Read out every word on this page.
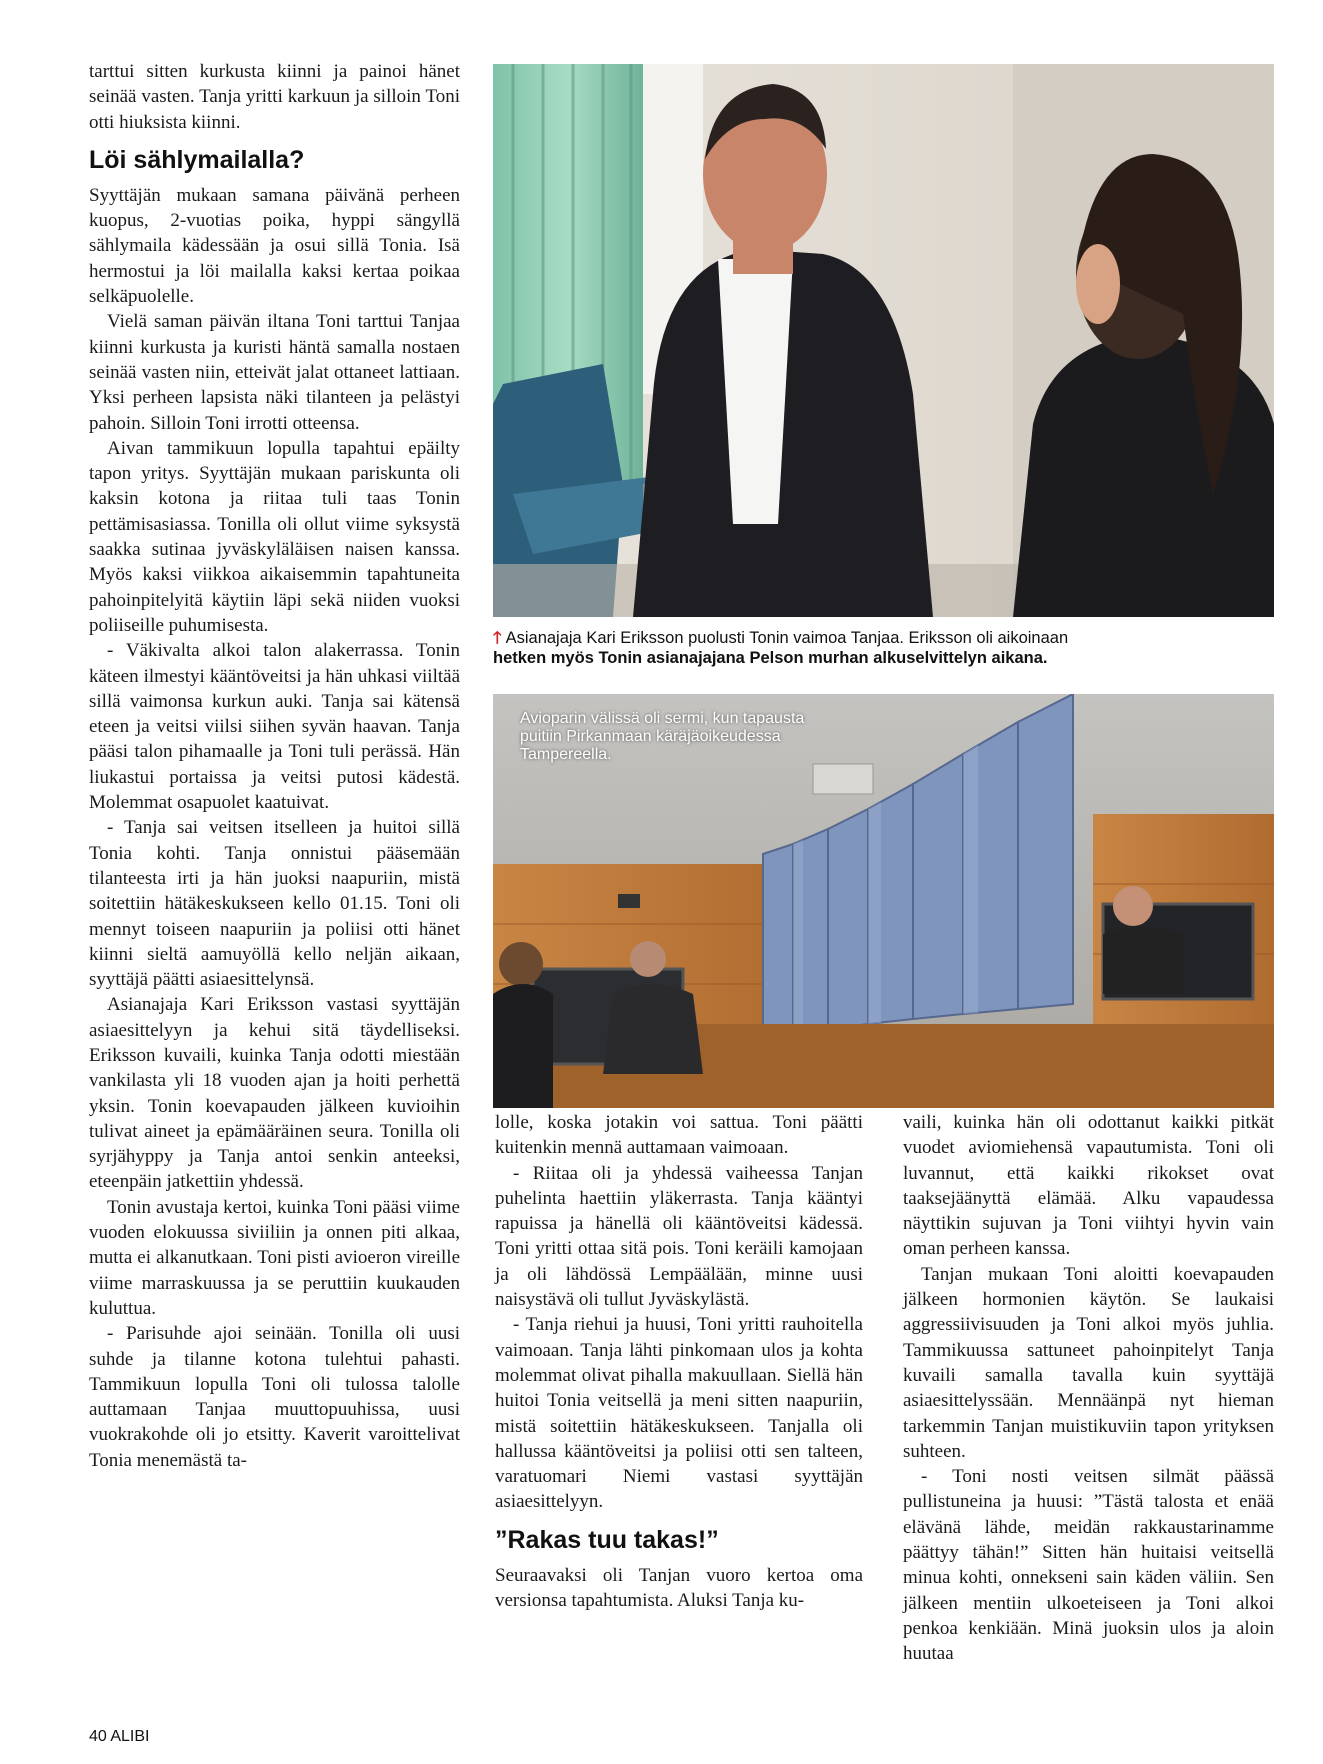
tarttui sitten kurkusta kiinni ja painoi hänet seinää vasten. Tanja yritti karkuun ja silloin Toni otti hiuksista kiinni.

Löi sählymailalla?

Syyttäjän mukaan samana päivänä perheen kuopus, 2-vuotias poika, hyppi sängyllä sählymaila kädessään ja osui sillä Tonia. Isä hermostui ja löi mailalla kaksi kertaa poikaa selkäpuolelle.

Vielä saman päivän iltana Toni tarttui Tanjaa kiinni kurkusta ja kuristi häntä samalla nostaen seinää vasten niin, etteivät jalat ottaneet lattiaan. Yksi perheen lapsista näki tilanteen ja pelästyi pahoin. Silloin Toni irrotti otteensa.

Aivan tammikuun lopulla tapahtui epäilty tapon yritys. Syyttäjän mukaan pariskunta oli kaksin kotona ja riitaa tuli taas Tonin pettämisasiassa. Tonilla oli ollut viime syksystä saakka sutinaa jyväskyläläisen naisen kanssa. Myös kaksi viikkoa aikaisemmin tapahtuneita pahoinpitelyitä käytiin läpi sekä niiden vuoksi poliiseille puhumisesta.

- Väkivalta alkoi talon alakerrassa. Tonin käteen ilmestyi kääntöveitsi ja hän uhkasi viiltää sillä vaimonsa kurkun auki. Tanja sai kätensä eteen ja veitsi viilsi siihen syvän haavan. Tanja pääsi talon pihamaalle ja Toni tuli perässä. Hän liukastui portaissa ja veitsi putosi kädestä. Molemmat osapuolet kaatuivat.

- Tanja sai veitsen itselleen ja huitoi sillä Tonia kohti. Tanja onnistui pääsemään tilanteesta irti ja hän juoksi naapuriin, mistä soitettiin hätäkeskukseen kello 01.15. Toni oli mennyt toiseen naapuriin ja poliisi otti hänet kiinni sieltä aamuyöllä kello neljän aikaan, syyttäjä päätti asiaesittelynsä.

Asianajaja Kari Eriksson vastasi syyttäjän asiaesittelyyn ja kehui sitä täydelliseksi. Eriksson kuvaili, kuinka Tanja odotti miestään vankilasta yli 18 vuoden ajan ja hoiti perhettä yksin. Tonin koevapauden jälkeen kuvioihin tulivat aineet ja epämääräinen seura. Tonilla oli syrjähyppy ja Tanja antoi senkin anteeksi, eteenpäin jatkettiin yhdessä.

Tonin avustaja kertoi, kuinka Toni pääsi viime vuoden elokuussa siviiliin ja onnen piti alkaa, mutta ei alkanutkaan. Toni pisti avioeron vireille viime marraskuussa ja se peruttiin kuukauden kuluttua.

- Parisuhde ajoi seinään. Tonilla oli uusi suhde ja tilanne kotona tulehtui pahasti. Tammikuun lopulla Toni oli tulossa talolle auttamaan Tanjaa muuttopuuhissa, uusi vuokrakohde oli jo etsitty. Kaverit varoittelivat Tonia menemästä ta-

🡑 Asianajaja Kari Eriksson puolusti Tonin vaimoa Tanjaa. Eriksson oli aikoinaan
hetken myös Tonin asianajajana Pelson murhan alkuselvittelyn aikana.
Avioparin välissä oli sermi, kun tapausta puitiin Pirkanmaan käräjäoikeudessa Tampereella.

lolle, koska jotakin voi sattua. Toni päätti kuitenkin mennä auttamaan vaimoaan.

- Riitaa oli ja yhdessä vaiheessa Tanjan puhelinta haettiin yläkerrasta. Tanja kääntyi rapuissa ja hänellä oli kääntöveitsi kädessä. Toni yritti ottaa sitä pois. Toni keräili kamojaan ja oli lähdössä Lempäälään, minne uusi naisystävä oli tullut Jyväskylästä.

- Tanja riehui ja huusi, Toni yritti rauhoitella vaimoaan. Tanja lähti pinkomaan ulos ja kohta molemmat olivat pihalla makuullaan. Siellä hän huitoi Tonia veitsellä ja meni sitten naapuriin, mistä soitettiin hätäkeskukseen. Tanjalla oli hallussa kääntöveitsi ja poliisi otti sen talteen, varatuomari Niemi vastasi syyttäjän asiaesittelyyn.

”Rakas tuu takas!”

Seuraavaksi oli Tanjan vuoro kertoa oma versionsa tapahtumista. Aluksi Tanja ku-

vaili, kuinka hän oli odottanut kaikki pitkät vuodet aviomiehensä vapautumista. Toni oli luvannut, että kaikki rikokset ovat taaksejäänyttä elämää. Alku vapaudessa näyttikin sujuvan ja Toni viihtyi hyvin vain oman perheen kanssa.

Tanjan mukaan Toni aloitti koevapauden jälkeen hormonien käytön. Se laukaisi aggressiivisuuden ja Toni alkoi myös juhlia. Tammikuussa sattuneet pahoinpitelyt Tanja kuvaili samalla tavalla kuin syyttäjä asiaesittelyssään. Mennäänpä nyt hieman tarkemmin Tanjan muistikuviin tapon yrityksen suhteen.

- Toni nosti veitsen silmät päässä pullistuneina ja huusi: ”Tästä talosta et enää elävänä lähde, meidän rakkaustarinamme päättyy tähän!” Sitten hän huitaisi veitsellä minua kohti, onnekseni sain käden väliin. Sen jälkeen mentiin ulkoeteiseen ja Toni alkoi penkoa kenkiään. Minä juoksin ulos ja aloin huutaa

40 ALIBI
